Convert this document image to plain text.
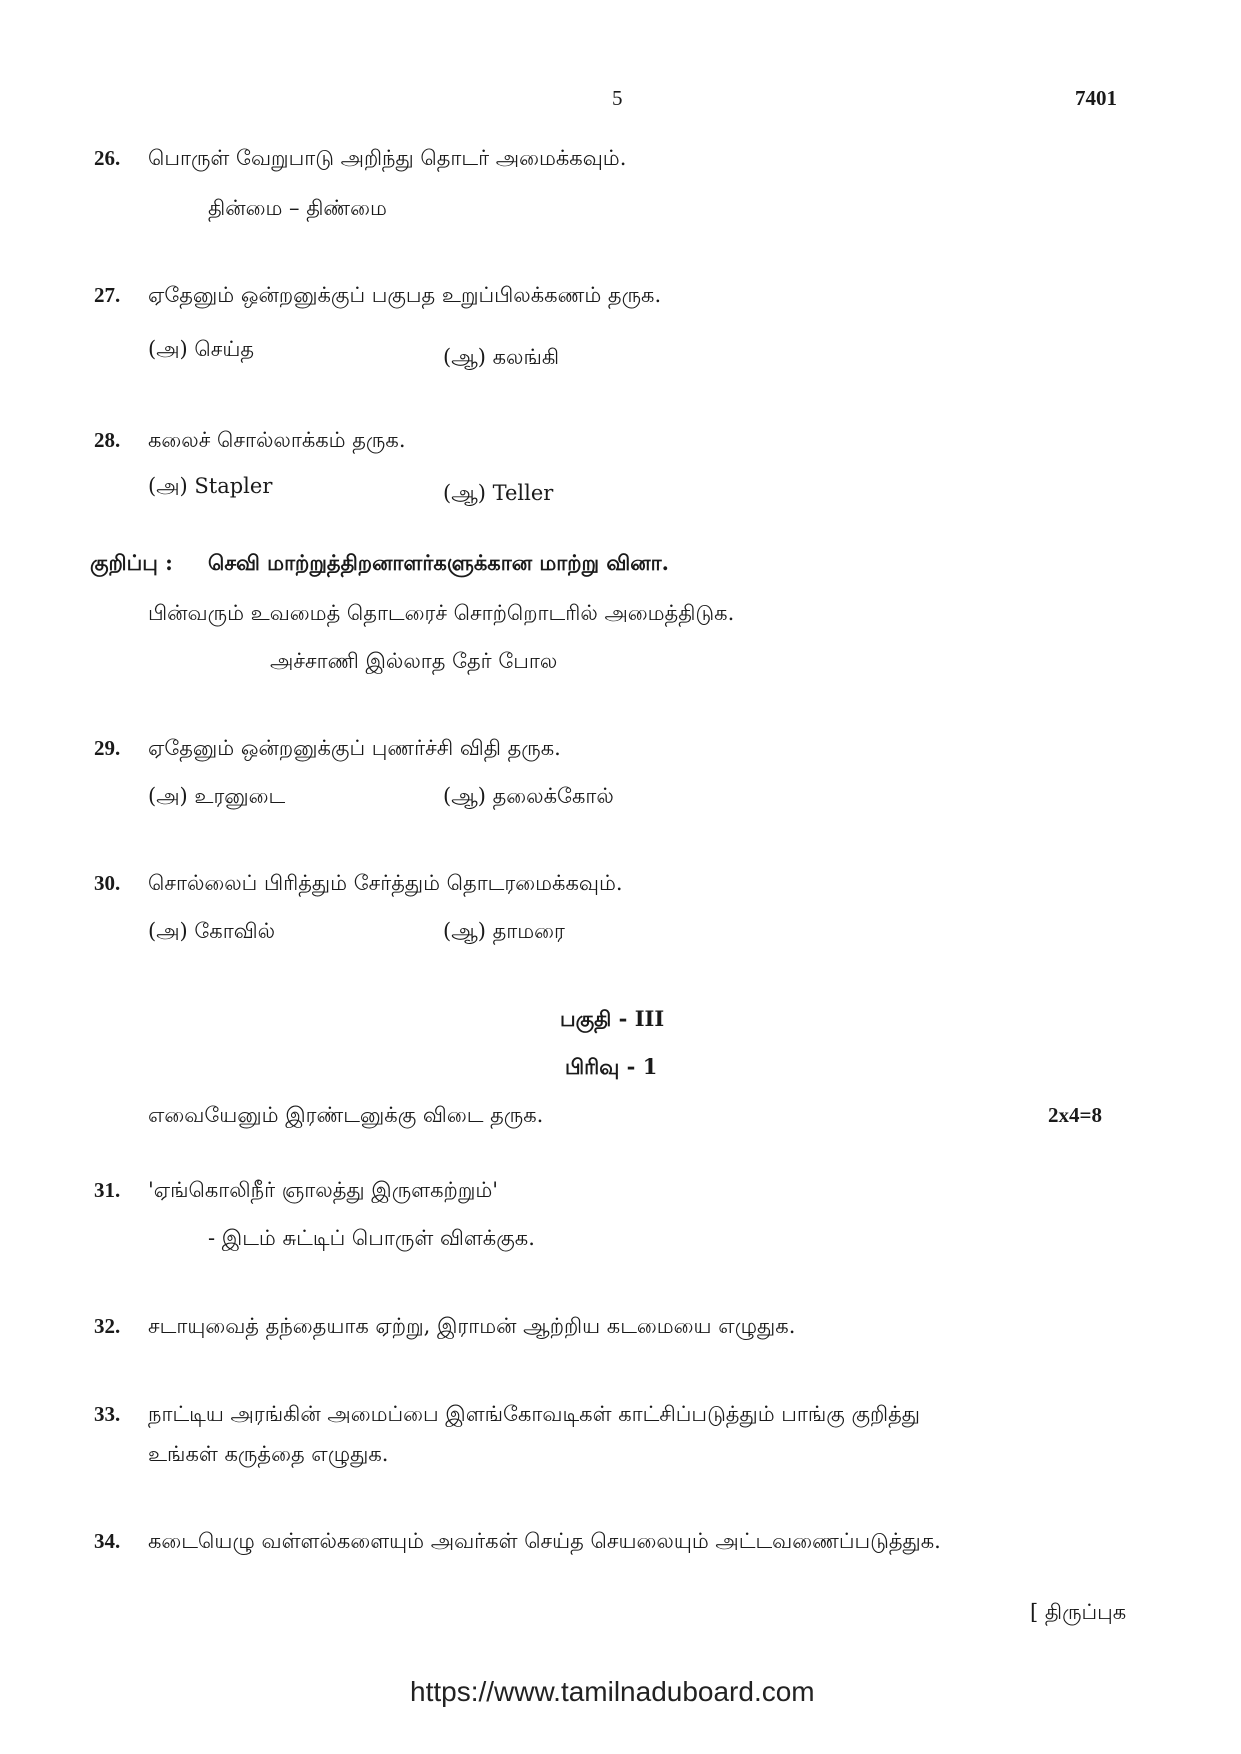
5	7401
26. பொருள் வேறுபாடு அறிந்து தொடர் அமைக்கவும்.
தின்மை – திண்மை
27. ஏதேனும் ஒன்றனுக்குப் பகுபத உறுப்பிலக்கணம் தருக.
(அ) செய்த	(ஆ) கலங்கி
28. கலைச் சொல்லாக்கம் தருக.
(அ) Stapler	(ஆ) Teller
குறிப்பு : செவி மாற்றுத்திறனாளர்களுக்கான மாற்று வினா.
பின்வரும் உவமைத் தொடரைச் சொற்றொடரில் அமைத்திடுக.
அச்சாணி இல்லாத தேர் போல
29. ஏதேனும் ஒன்றனுக்குப் புணர்ச்சி விதி தருக.
(அ) உரனுடை	(ஆ) தலைக்கோல்
30. சொல்லைப் பிரித்தும் சேர்த்தும் தொடரமைக்கவும்.
(அ) கோவில்	(ஆ) தாமரை
பகுதி - III
பிரிவு - 1
எவையேனும் இரண்டனுக்கு விடை தருக.	2x4=8
31. 'ஏங்கொலிநீர் ஞாலத்து இருளகற்றும்'
- இடம் சுட்டிப் பொருள் விளக்குக.
32. சடாயுவைத் தந்தையாக ஏற்று, இராமன் ஆற்றிய கடமையை எழுதுக.
33. நாட்டிய அரங்கின் அமைப்பை இளங்கோவடிகள் காட்சிப்படுத்தும் பாங்கு குறித்து
உங்கள் கருத்தை எழுதுக.
34. கடையெழு வள்ளல்களையும் அவர்கள் செய்த செயலையும் அட்டவணைப்படுத்துக.
[ திருப்புக
https://www.tamilnaduboard.com
